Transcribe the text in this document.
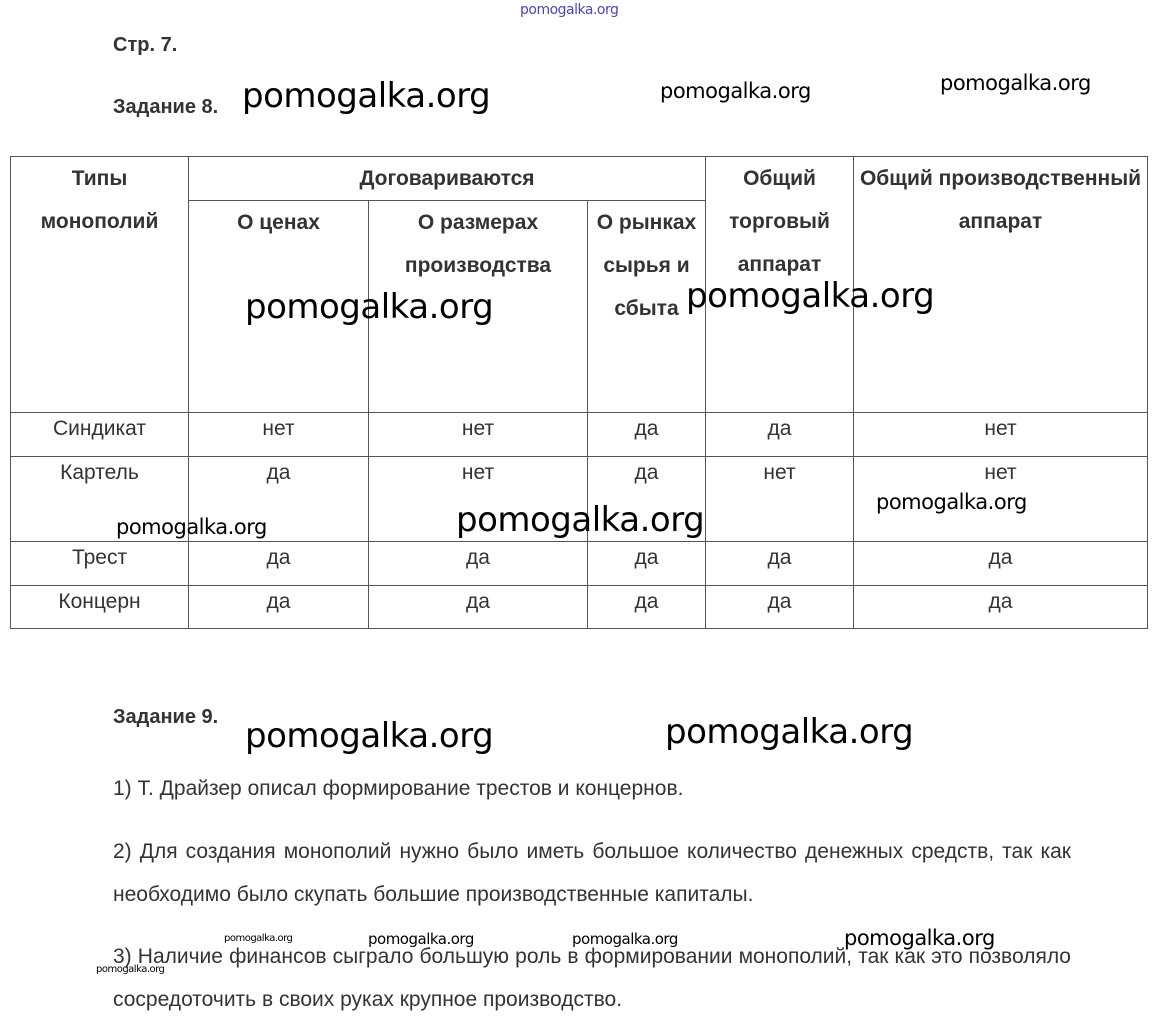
Стр. 7.
Задание 8.
Типы монополий	Договариваются			Общий торговый аппарат	Общий производственный аппарат
	О ценах	О размерах производства	О рынках сырья и сбыта		
Синдикат	нет	нет	да	да	нет
Картель	да	нет	да	нет	нет
Трест	да	да	да	да	да
Концерн	да	да	да	да	да
Задание 9.
1) Т. Драйзер описал формирование трестов и концернов.
2) Для создания монополий нужно было иметь большое количество денежных средств, так как необходимо было скупать большие производственные капиталы.
3) Наличие финансов сыграло большую роль в формировании монополий, так как это позволяло сосредоточить в своих руках крупное производство.
pomogalka.org
pomogalka.org	pomogalka.org	pomogalka.org
pomogalka.org	pomogalka.org
pomogalka.org
pomogalka.org	pomogalka.org
pomogalka.org	pomogalka.org
pomogalka.org	pomogalka.org	pomogalka.org	pomogalka.org
pomogalka.org
